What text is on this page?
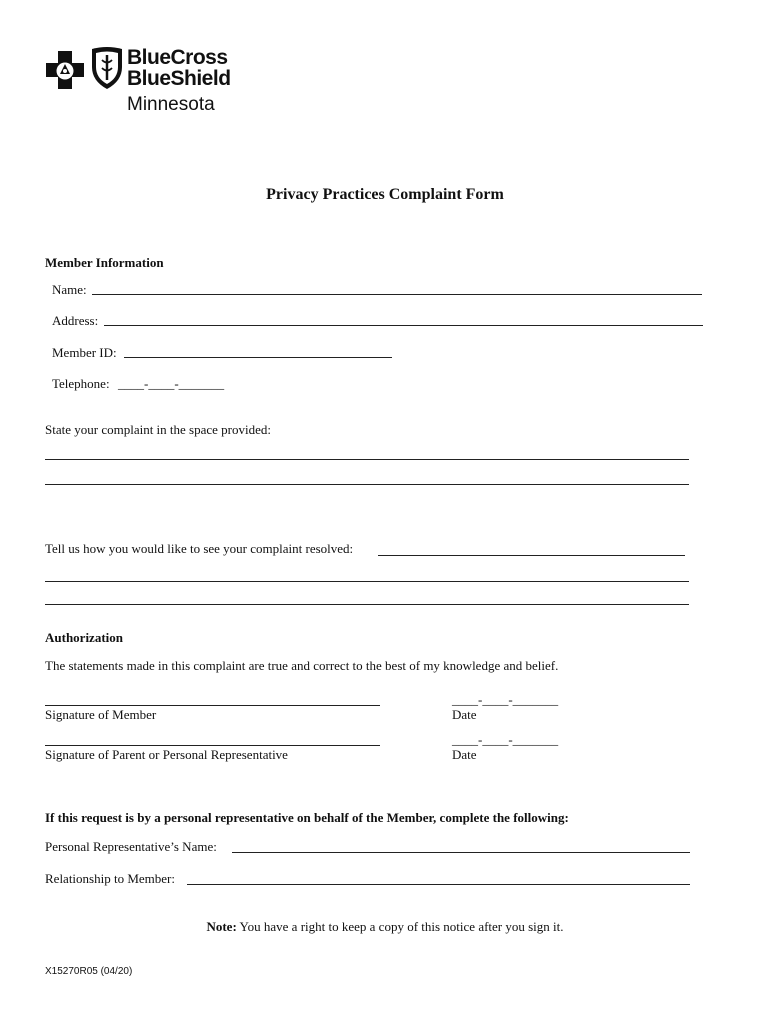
BlueCross
BlueShield
Minnesota
Privacy Practices Complaint Form
Member Information
Name:
Address:
Member ID:
Telephone: ____-____-_______
State your complaint in the space provided:
Tell us how you would like to see your complaint resolved:
Authorization
The statements made in this complaint are true and correct to the best of my knowledge and belief.
Signature of Member
____-____-_______
Date
Signature of Parent or Personal Representative
____-____-_______
Date
If this request is by a personal representative on behalf of the Member, complete the following:
Personal Representative’s Name:
Relationship to Member:
Note: You have a right to keep a copy of this notice after you sign it.
X15270R05 (04/20)
